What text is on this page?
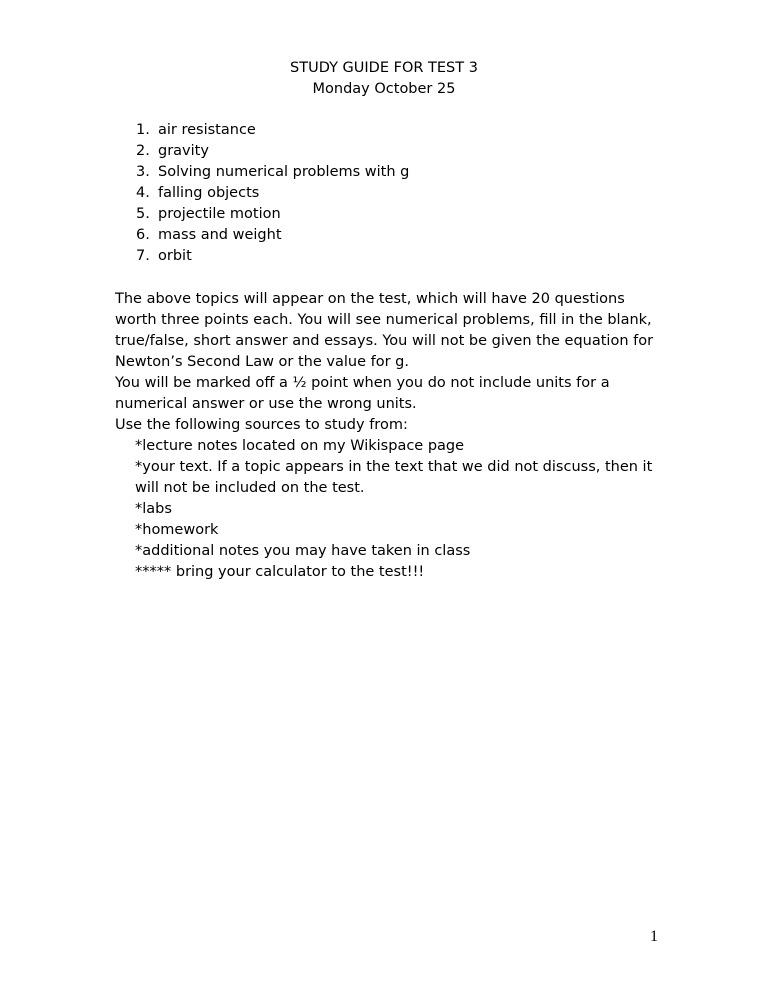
STUDY GUIDE FOR TEST 3
Monday October 25
1. air resistance
2. gravity
3. Solving numerical problems with g
4. falling objects
5. projectile motion
6. mass and weight
7. orbit
The above topics will appear on the test, which will have 20 questions worth three points each. You will see numerical problems, fill in the blank, true/false, short answer and essays. You will not be given the equation for Newton’s Second Law or the value for g.
You will be marked off a ½ point when you do not include units for a numerical answer or use the wrong units.
Use the following sources to study from:
*lecture notes located on my Wikispace page
*your text. If a topic appears in the text that we did not discuss, then it will not be included on the test.
*labs
*homework
*additional notes you may have taken in class
***** bring your calculator to the test!!!
1
